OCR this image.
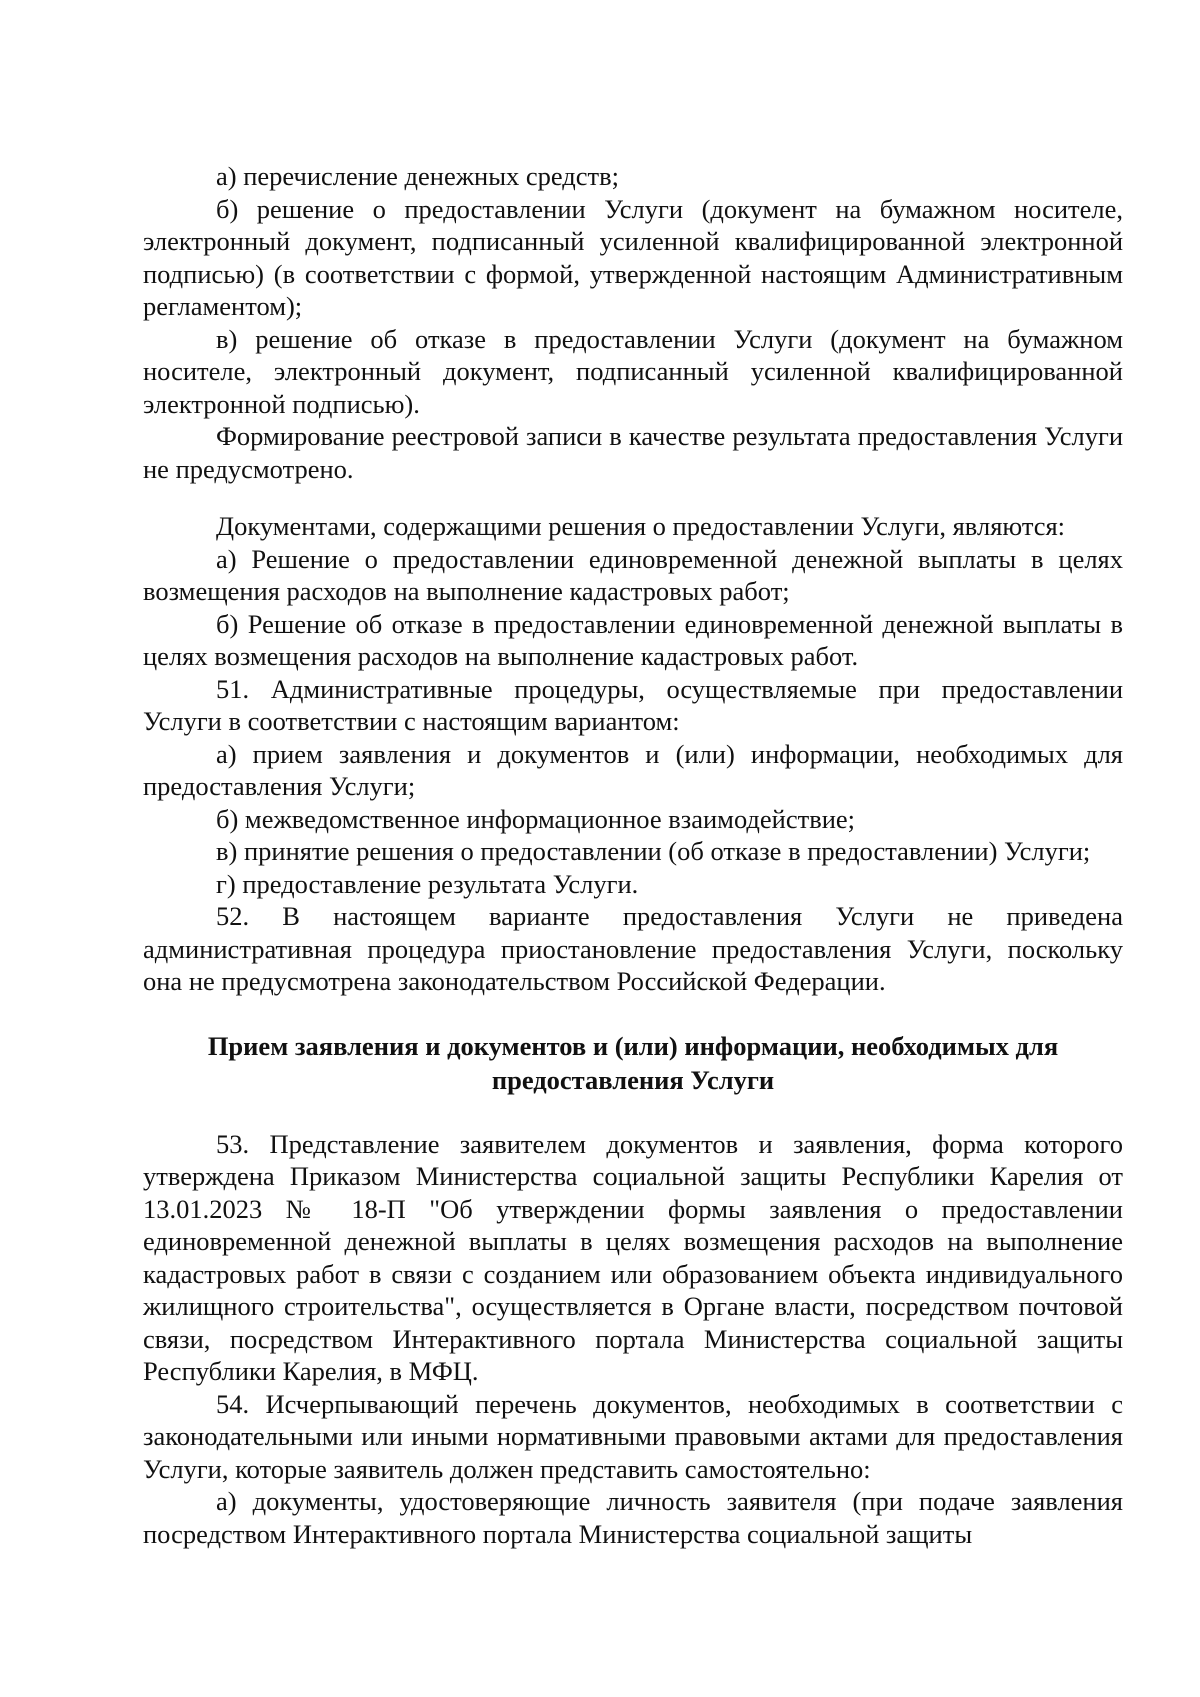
а) перечисление денежных средств;

б) решение о предоставлении Услуги (документ на бумажном носителе, электронный документ, подписанный усиленной квалифицированной электронной подписью) (в соответствии с формой, утвержденной настоящим Административным регламентом);

в) решение об отказе в предоставлении Услуги (документ на бумажном носителе, электронный документ, подписанный усиленной квалифицированной электронной подписью).

Формирование реестровой записи в качестве результата предоставления Услуги не предусмотрено.

Документами, содержащими решения о предоставлении Услуги, являются:

а) Решение о предоставлении единовременной денежной выплаты в целях возмещения расходов на выполнение кадастровых работ;

б) Решение об отказе в предоставлении единовременной денежной выплаты в целях возмещения расходов на выполнение кадастровых работ.

51. Административные процедуры, осуществляемые при предоставлении Услуги в соответствии с настоящим вариантом:

а) прием заявления и документов и (или) информации, необходимых для предоставления Услуги;

б) межведомственное информационное взаимодействие;

в) принятие решения о предоставлении (об отказе в предоставлении) Услуги;

г) предоставление результата Услуги.

52. В настоящем варианте предоставления Услуги не приведена административная процедура приостановление предоставления Услуги, поскольку она не предусмотрена законодательством Российской Федерации.

Прием заявления и документов и (или) информации, необходимых для
предоставления Услуги

53. Представление заявителем документов и заявления, форма которого утверждена Приказом Министерства социальной защиты Республики Карелия от 13.01.2023 № 18-П "Об утверждении формы заявления о предоставлении единовременной денежной выплаты в целях возмещения расходов на выполнение кадастровых работ в связи с созданием или образованием объекта индивидуального жилищного строительства", осуществляется в Органе власти, посредством почтовой связи, посредством Интерактивного портала Министерства социальной защиты Республики Карелия, в МФЦ.

54. Исчерпывающий перечень документов, необходимых в соответствии с законодательными или иными нормативными правовыми актами для предоставления Услуги, которые заявитель должен представить самостоятельно:

а) документы, удостоверяющие личность заявителя (при подаче заявления посредством Интерактивного портала Министерства социальной защиты
